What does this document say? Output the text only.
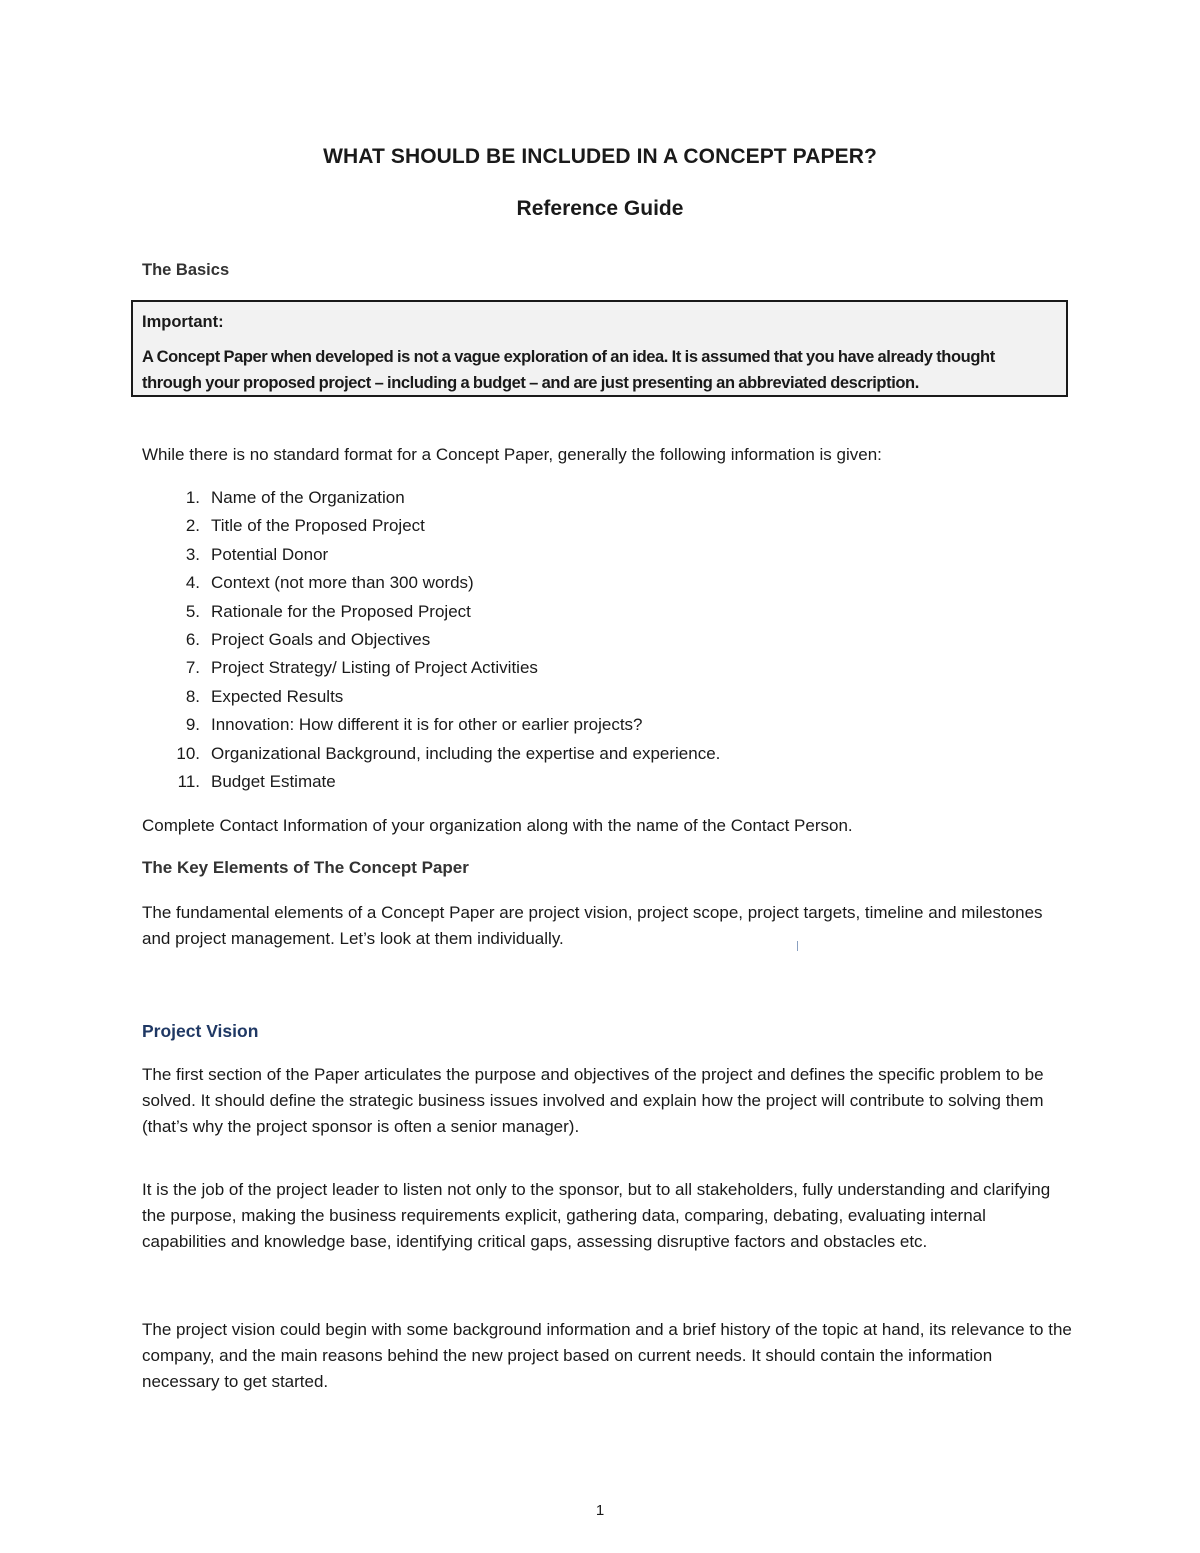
WHAT SHOULD BE INCLUDED IN A CONCEPT PAPER?
Reference Guide
The Basics
Important:
A Concept Paper when developed is not a vague exploration of an idea. It is assumed that you have already thought through your proposed project – including a budget – and are just presenting an abbreviated description.

While there is no standard format for a Concept Paper, generally the following information is given:

1. Name of the Organization
2. Title of the Proposed Project
3. Potential Donor
4. Context (not more than 300 words)
5. Rationale for the Proposed Project
6. Project Goals and Objectives
7. Project Strategy/ Listing of Project Activities
8. Expected Results
9. Innovation: How different it is for other or earlier projects?
10. Organizational Background, including the expertise and experience.
11. Budget Estimate

Complete Contact Information of your organization along with the name of the Contact Person.

The Key Elements of The Concept Paper

The fundamental elements of a Concept Paper are project vision, project scope, project targets, timeline and milestones and project management. Let’s look at them individually.

Project Vision

The first section of the Paper articulates the purpose and objectives of the project and defines the specific problem to be solved. It should define the strategic business issues involved and explain how the project will contribute to solving them (that’s why the project sponsor is often a senior manager).

It is the job of the project leader to listen not only to the sponsor, but to all stakeholders, fully understanding and clarifying the purpose, making the business requirements explicit, gathering data, comparing, debating, evaluating internal capabilities and knowledge base, identifying critical gaps, assessing disruptive factors and obstacles etc.

The project vision could begin with some background information and a brief history of the topic at hand, its relevance to the company, and the main reasons behind the new project based on current needs. It should contain the information necessary to get started.

1
